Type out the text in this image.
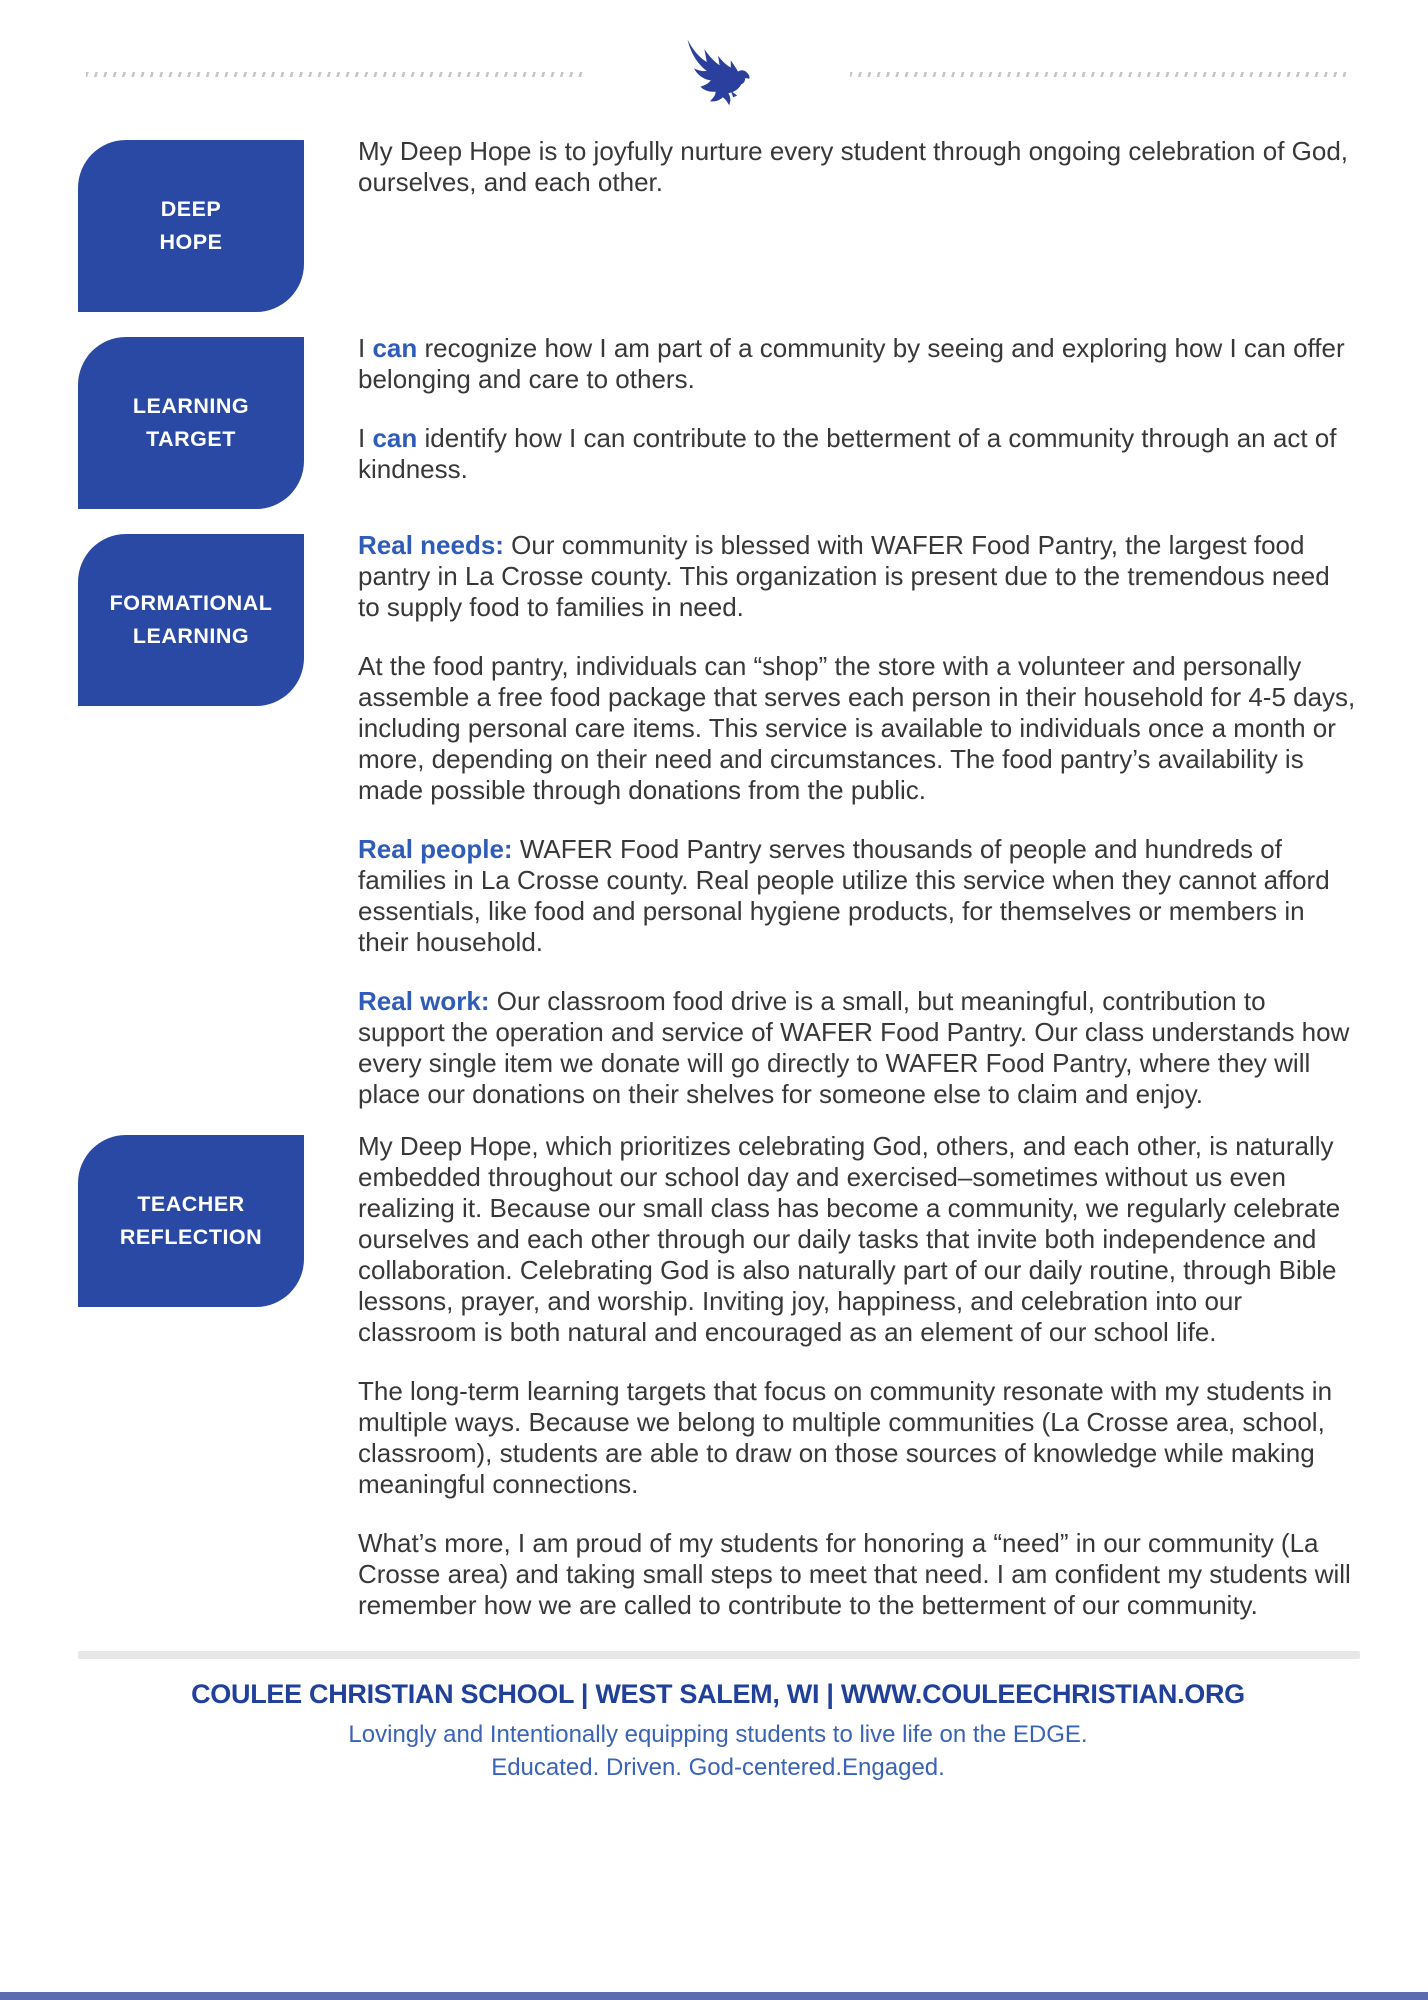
DEEP
HOPE

My Deep Hope is to joyfully nurture every student through ongoing celebration of God, ourselves, and each other.

LEARNING
TARGET

I can recognize how I am part of a community by seeing and exploring how I can offer belonging and care to others.

I can identify how I can contribute to the betterment of a community through an act of kindness.

FORMATIONAL
LEARNING

Real needs: Our community is blessed with WAFER Food Pantry, the largest food pantry in La Crosse county. This organization is present due to the tremendous need to supply food to families in need.

At the food pantry, individuals can “shop” the store with a volunteer and personally assemble a free food package that serves each person in their household for 4-5 days, including personal care items. This service is available to individuals once a month or more, depending on their need and circumstances. The food pantry’s availability is made possible through donations from the public.

Real people: WAFER Food Pantry serves thousands of people and hundreds of families in La Crosse county. Real people utilize this service when they cannot afford essentials, like food and personal hygiene products, for themselves or members in their household.

Real work: Our classroom food drive is a small, but meaningful, contribution to support the operation and service of WAFER Food Pantry. Our class understands how every single item we donate will go directly to WAFER Food Pantry, where they will place our donations on their shelves for someone else to claim and enjoy.

TEACHER
REFLECTION

My Deep Hope, which prioritizes celebrating God, others, and each other, is naturally embedded throughout our school day and exercised–sometimes without us even realizing it. Because our small class has become a community, we regularly celebrate ourselves and each other through our daily tasks that invite both independence and collaboration. Celebrating God is also naturally part of our daily routine, through Bible lessons, prayer, and worship. Inviting joy, happiness, and celebration into our classroom is both natural and encouraged as an element of our school life.

The long-term learning targets that focus on community resonate with my students in multiple ways. Because we belong to multiple communities (La Crosse area, school, classroom), students are able to draw on those sources of knowledge while making meaningful connections.

What’s more, I am proud of my students for honoring a “need” in our community (La Crosse area) and taking small steps to meet that need. I am confident my students will remember how we are called to contribute to the betterment of our community.

COULEE CHRISTIAN SCHOOL | WEST SALEM, WI | WWW.COULEECHRISTIAN.ORG
Lovingly and Intentionally equipping students to live life on the EDGE.
Educated. Driven. God-centered.Engaged.
